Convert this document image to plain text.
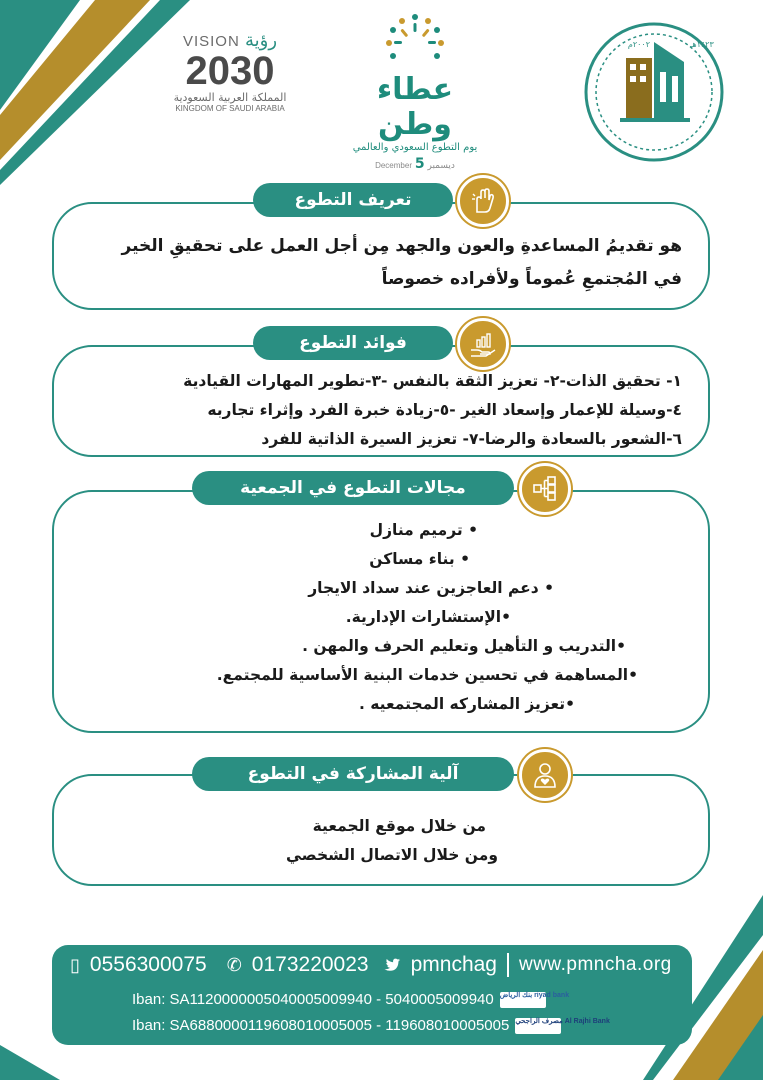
VISION رؤية
2030
المملكة العربية السعودية
KINGDOM OF SAUDI ARABIA
عطاء وطن
يوم التطوع السعودي والعالمي
ديسمبر December 5
٢٠٠٢م	١٤٢٣هـ
هو تقديمُ المساعدةِ والعون والجهد مِن أجل العمل على تحقيقِ الخير
في المُجتمعِ عُموماً ولأفراده خصوصاً
تعريف التطوع
١- تحقيق الذات-٢- تعزيز الثقة بالنفس -٣-تطوير المهارات القيادية
٤-وسيلة للإعمار وإسعاد الغير -٥-زيادة خبرة الفرد وإثراء تجاربه
٦-الشعور بالسعادة والرضا-٧- تعزيز السيرة الذاتية للفرد
فوائد التطوع
• ترميم منازل
• بناء مساكن
• دعم العاجزين عند سداد الايجار
•الإستشارات الإدارية.
•التدريب و التأهيل وتعليم الحرف والمهن .
•المساهمة في تحسين خدمات البنية الأساسية للمجتمع.
•تعزيز المشاركه المجتمعيه .
مجالات التطوع في الجمعية
من خلال موقع الجمعية
ومن خلال الاتصال الشخصي
آلية المشاركة في التطوع
▯ 0556300075 ✆ 0173220023 pmnchag www.pmncha.org
Iban: SA1120000005040005009940 - 5040005009940 بنك الرياض riyad bank
Iban: SA6880000119608010005005 - 119608010005005 مصرف الراجحي Al Rajhi Bank
